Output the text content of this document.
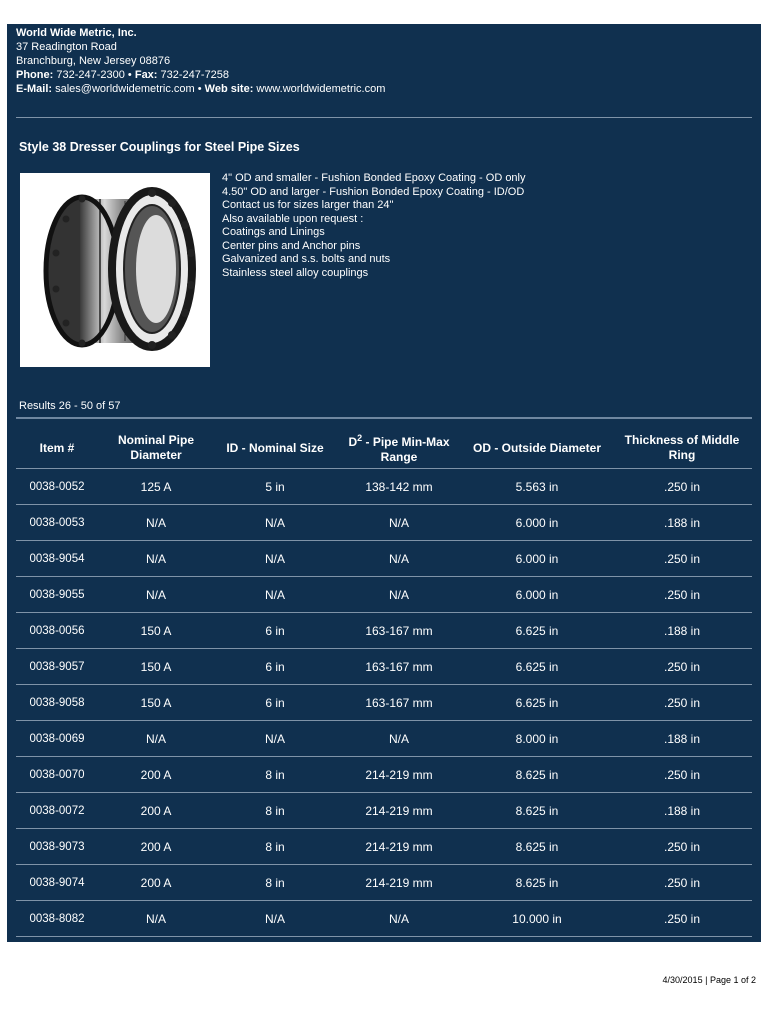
World Wide Metric, Inc.
37 Readington Road
Branchburg, New Jersey 08876
Phone: 732-247-2300 • Fax: 732-247-7258
E-Mail: sales@worldwidemetric.com • Web site: www.worldwidemetric.com
Style 38 Dresser Couplings for Steel Pipe Sizes
4" OD and smaller - Fushion Bonded Epoxy Coating - OD only
4.50" OD and larger - Fushion Bonded Epoxy Coating - ID/OD
Contact us for sizes larger than 24"
Also available upon request :
Coatings and Linings
Center pins and Anchor pins
Galvanized and s.s. bolts and nuts
Stainless steel alloy couplings
Results 26 - 50 of 57
Item #	Nominal Pipe Diameter	ID - Nominal Size	$D^2$ - Pipe Min-Max Range	OD - Outside Diameter	Thickness of Middle Ring
0038-0052	125 A	5 in	138-142 mm	5.563 in	.250 in
0038-0053	N/A	N/A	N/A	6.000 in	.188 in
0038-9054	N/A	N/A	N/A	6.000 in	.250 in
0038-9055	N/A	N/A	N/A	6.000 in	.250 in
0038-0056	150 A	6 in	163-167 mm	6.625 in	.188 in
0038-9057	150 A	6 in	163-167 mm	6.625 in	.250 in
0038-9058	150 A	6 in	163-167 mm	6.625 in	.250 in
0038-0069	N/A	N/A	N/A	8.000 in	.188 in
0038-0070	200 A	8 in	214-219 mm	8.625 in	.250 in
0038-0072	200 A	8 in	214-219 mm	8.625 in	.188 in
0038-9073	200 A	8 in	214-219 mm	8.625 in	.250 in
0038-9074	200 A	8 in	214-219 mm	8.625 in	.250 in
0038-8082	N/A	N/A	N/A	10.000 in	.250 in
4/30/2015 | Page 1 of 2
